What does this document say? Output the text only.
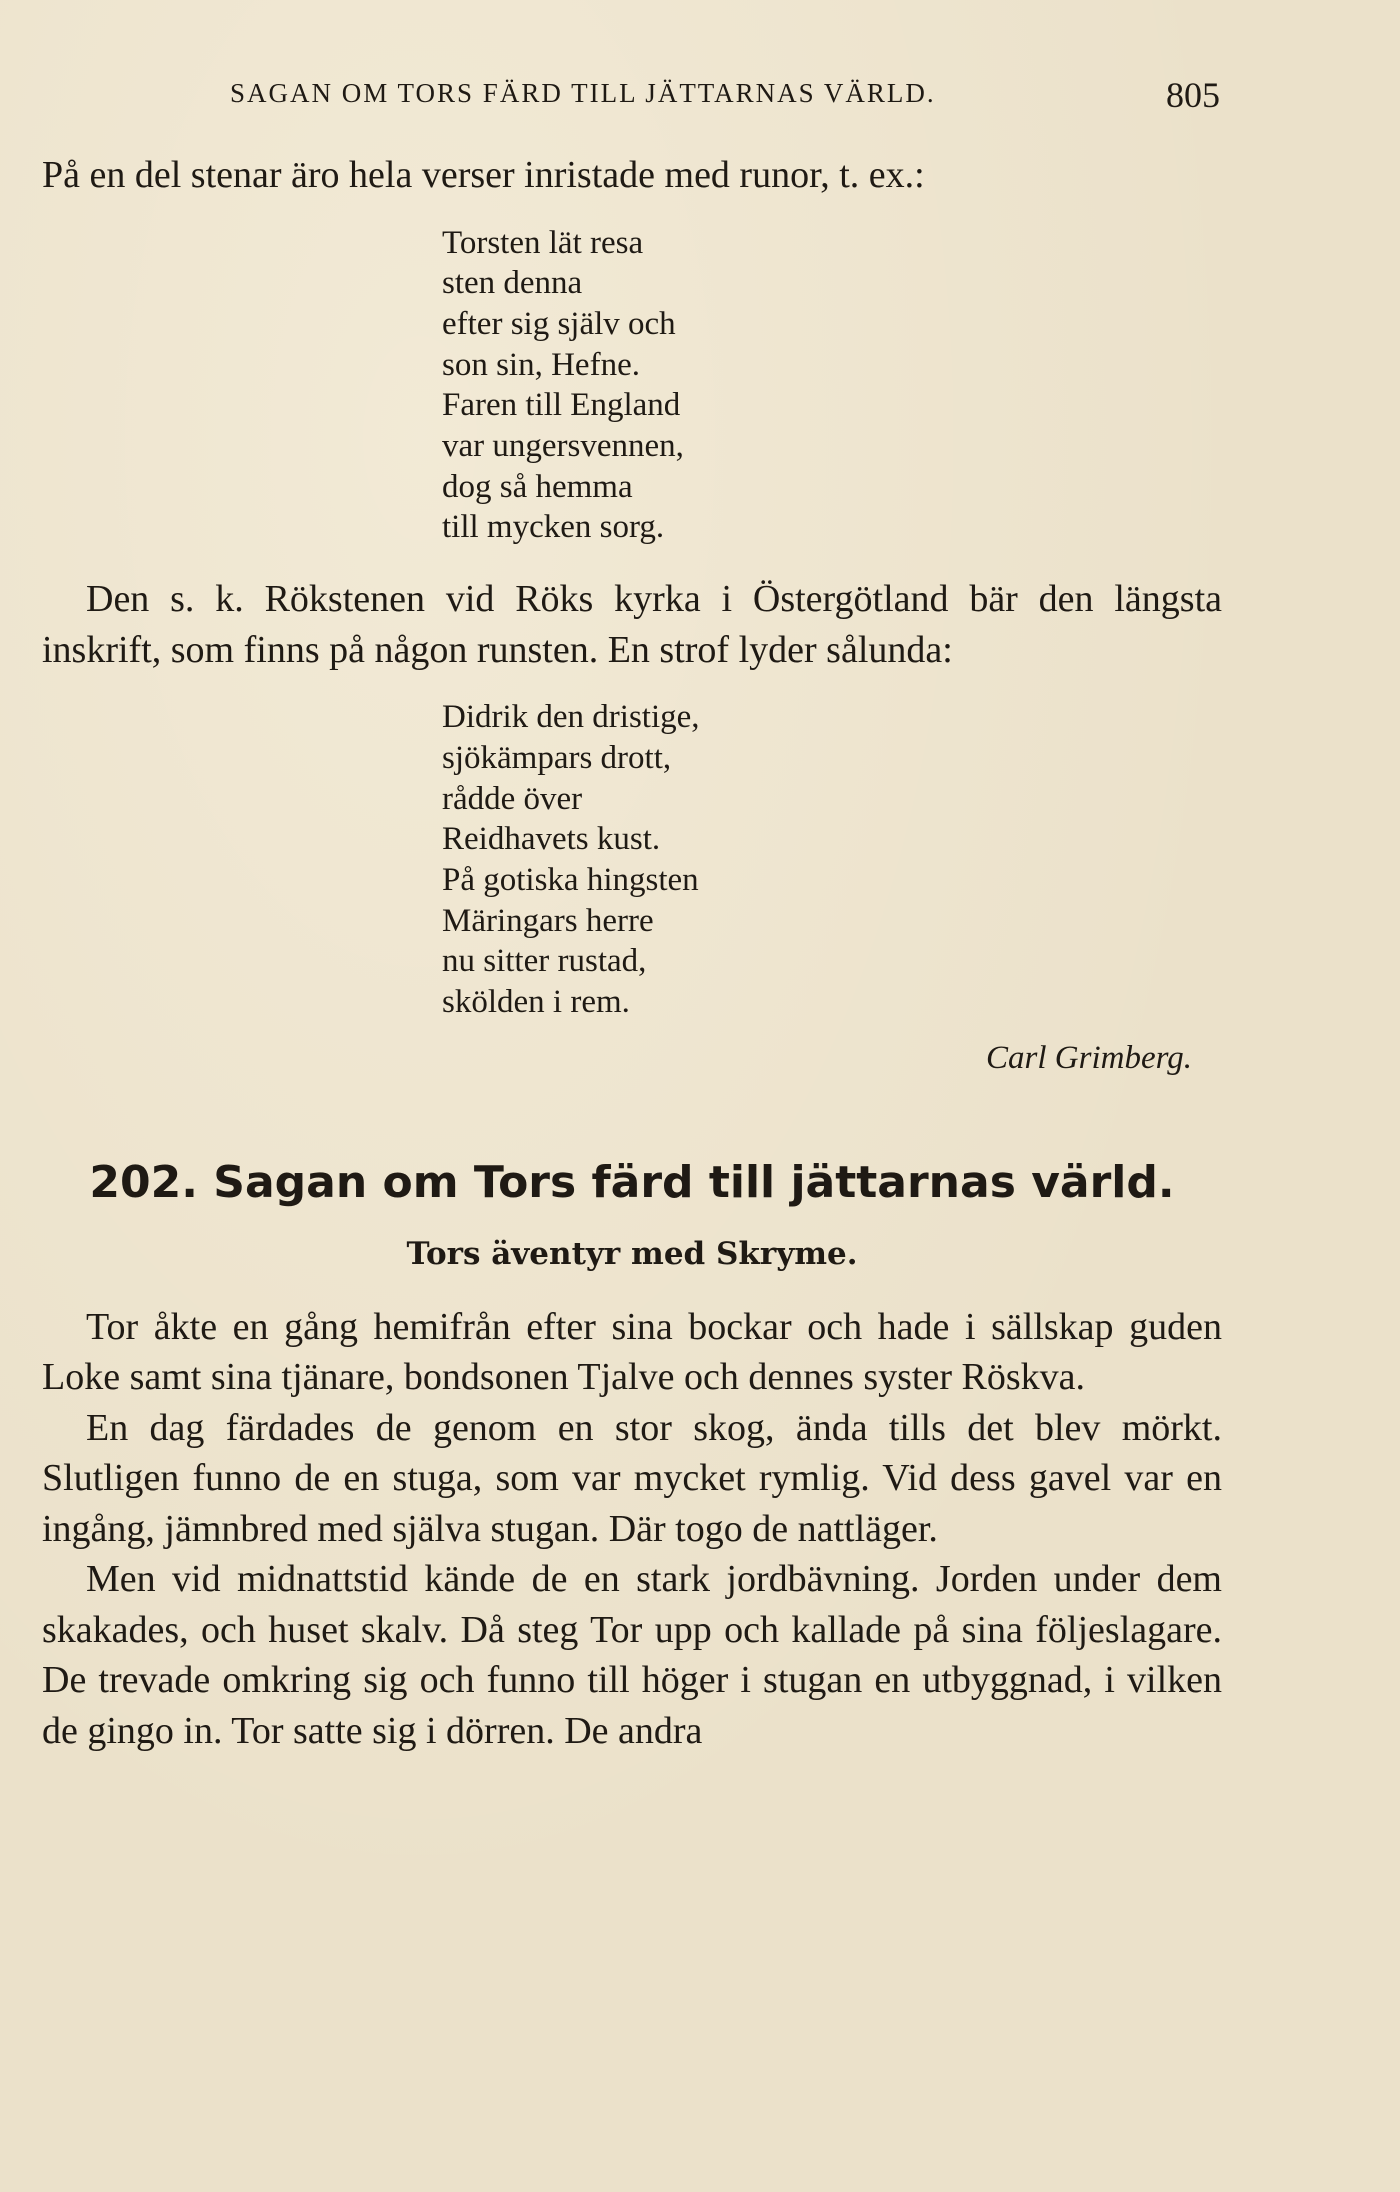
SAGAN OM TORS FÄRD TILL JÄTTARNAS VÄRLD.	805

På en del stenar äro hela verser inristade med runor, t. ex.:

Torsten lät resa
sten denna
efter sig själv och
son sin, Hefne.
Faren till England
var ungersvennen,
dog så hemma
till mycken sorg.

Den s. k. Rökstenen vid Röks kyrka i Östergötland bär den längsta inskrift, som finns på någon runsten. En strof lyder sålunda:

Didrik den dristige,
sjökämpars drott,
rådde över
Reidhavets kust.
På gotiska hingsten
Märingars herre
nu sitter rustad,
skölden i rem.
Carl Grimberg.
202. Sagan om Tors färd till jättarnas värld.
Tors äventyr med Skryme.

Tor åkte en gång hemifrån efter sina bockar och hade i sällskap guden Loke samt sina tjänare, bondsonen Tjalve och dennes syster Röskva.

En dag färdades de genom en stor skog, ända tills det blev mörkt. Slutligen funno de en stuga, som var mycket rymlig. Vid dess gavel var en ingång, jämnbred med själva stugan. Där togo de nattläger.

Men vid midnattstid kände de en stark jordbävning. Jorden under dem skakades, och huset skalv. Då steg Tor upp och kallade på sina följeslagare. De trevade omkring sig och funno till höger i stugan en utbyggnad, i vilken de gingo in. Tor satte sig i dörren. De andra
